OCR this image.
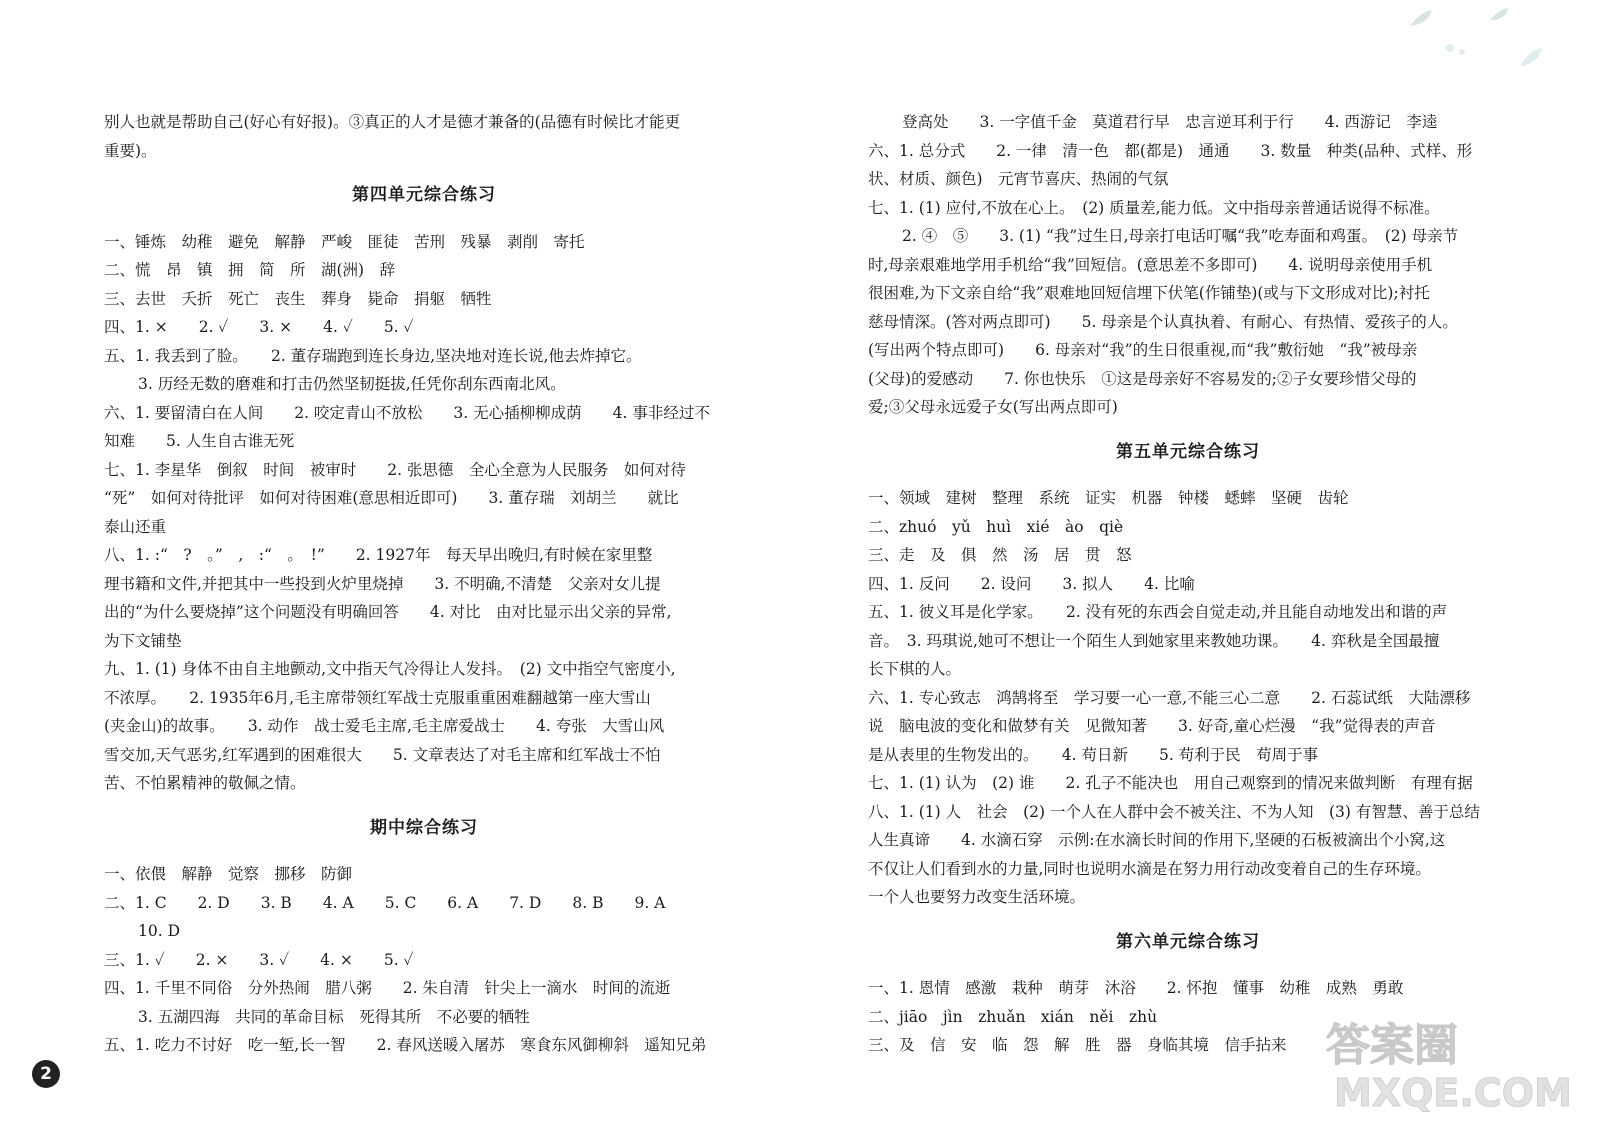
别人也就是帮助自己(好心有好报)。③真正的人才是德才兼备的(品德有时候比才能更
重要)。
第四单元综合练习
一、锤炼　幼稚　避免　解静　严峻　匪徒　苦刑　残暴　剥削　寄托
二、慌　昂　镇　拥　简　所　湖(洲)　辞
三、去世　夭折　死亡　丧生　葬身　毙命　捐躯　牺牲
四、1. ×　　2. ✓　　3. ×　　4. ✓　　5. ✓
五、1. 我丢到了脸。　　2. 董存瑞跑到连长身边,坚决地对连长说,他去炸掉它。
3. 历经无数的磨难和打击仍然坚韧挺拔,任凭你刮东西南北风。
六、1. 要留清白在人间　　2. 咬定青山不放松　　3. 无心插柳柳成荫　　4. 事非经过不
知难　　5. 人生自古谁无死
七、1. 李星华　倒叙　时间　被审时　　2. 张思德　全心全意为人民服务　如何对待
“死”　如何对待批评　如何对待困难(意思相近即可)　　3. 董存瑞　刘胡兰　　就比
泰山还重
八、1. :“　?　。”　,　:“　。　!”　　2. 1927年　每天早出晚归,有时候在家里整
理书籍和文件,并把其中一些投到火炉里烧掉　　3. 不明确,不清楚　父亲对女儿提
出的“为什么要烧掉”这个问题没有明确回答　　4. 对比　由对比显示出父亲的异常,
为下文铺垫
九、1. (1) 身体不由自主地颤动,文中指天气冷得让人发抖。　(2) 文中指空气密度小,
不浓厚。　　2. 1935年6月,毛主席带领红军战士克服重重困难翻越第一座大雪山
(夹金山)的故事。　　3. 动作　战士爱毛主席,毛主席爱战士　　4. 夸张　大雪山风
雪交加,天气恶劣,红军遇到的困难很大　　5. 文章表达了对毛主席和红军战士不怕
苦、不怕累精神的敬佩之情。
期中综合练习
一、依偎　解静　觉察　挪移　防御
二、1. C　　2. D　　3. B　　4. A　　5. C　　6. A　　7. D　　8. B　　9. A
10. D
三、1. ✓　　2. ×　　3. ✓　　4. ×　　5. ✓
四、1. 千里不同俗　分外热闹　腊八粥　　2. 朱自清　针尖上一滴水　时间的流逝
3. 五湖四海　共同的革命目标　死得其所　不必要的牺牲
五、1. 吃力不讨好　吃一堑,长一智　　2. 春风送暖入屠苏　寒食东风御柳斜　遥知兄弟
2
登高处　　3. 一字值千金　莫道君行早　忠言逆耳利于行　　4. 西游记　李逵
六、1. 总分式　　2. 一律　清一色　都(都是)　通通　　3. 数量　种类(品种、式样、形
状、材质、颜色)　元宵节喜庆、热闹的气氛
七、1. (1) 应付,不放在心上。　(2) 质量差,能力低。文中指母亲普通话说得不标准。
2. ④　⑤　　3. (1) “我”过生日,母亲打电话叮嘱“我”吃寿面和鸡蛋。　(2) 母亲节
时,母亲艰难地学用手机给“我”回短信。(意思差不多即可)　　4. 说明母亲使用手机
很困难,为下文亲自给“我”艰难地回短信埋下伏笔(作铺垫)(或与下文形成对比);衬托
慈母情深。(答对两点即可)　　5. 母亲是个认真执着、有耐心、有热情、爱孩子的人。
(写出两个特点即可)　　6. 母亲对“我”的生日很重视,而“我”敷衍她　“我”被母亲
(父母)的爱感动　　7. 你也快乐　①这是母亲好不容易发的;②子女要珍惜父母的
爱;③父母永远爱子女(写出两点即可)
第五单元综合练习
一、领域　建树　整理　系统　证实　机器　钟楼　蟋蟀　坚硬　齿轮
二、zhuó　yǔ　huì　xié　ào　qiè
三、走　及　俱　然　汤　居　贯　怒
四、1. 反问　　2. 设问　　3. 拟人　　4. 比喻
五、1. 彼义耳是化学家。　　2. 没有死的东西会自觉走动,并且能自动地发出和谐的声
音。　3. 玛琪说,她可不想让一个陌生人到她家里来教她功课。　　4. 弈秋是全国最擅
长下棋的人。
六、1. 专心致志　鸿鹄将至　学习要一心一意,不能三心二意　　2. 石蕊试纸　大陆漂移
说　脑电波的变化和做梦有关　见微知著　　3. 好奇,童心烂漫　“我”觉得表的声音
是从表里的生物发出的。　　4. 苟日新　　5. 苟利于民　苟周于事
七、1. (1) 认为　(2) 谁　　2. 孔子不能决也　用自己观察到的情况来做判断　有理有据
八、1. (1) 人　社会　(2) 一个人在人群中会不被关注、不为人知　(3) 有智慧、善于总结
人生真谛　　4. 水滴石穿　示例:在水滴长时间的作用下,坚硬的石板被滴出个小窝,这
不仅让人们看到水的力量,同时也说明水滴是在努力用行动改变着自己的生存环境。
一个人也要努力改变生活环境。
第六单元综合练习
一、1. 恩情　感激　栽种　萌芽　沐浴　　2. 怀抱　懂事　幼稚　成熟　勇敢
二、jiāo　jìn　zhuǎn　xián　něi　zhù
三、及　信　安　临　怨　解　胜　器　身临其境　信手拈来 答案圈
MXQE.COM
